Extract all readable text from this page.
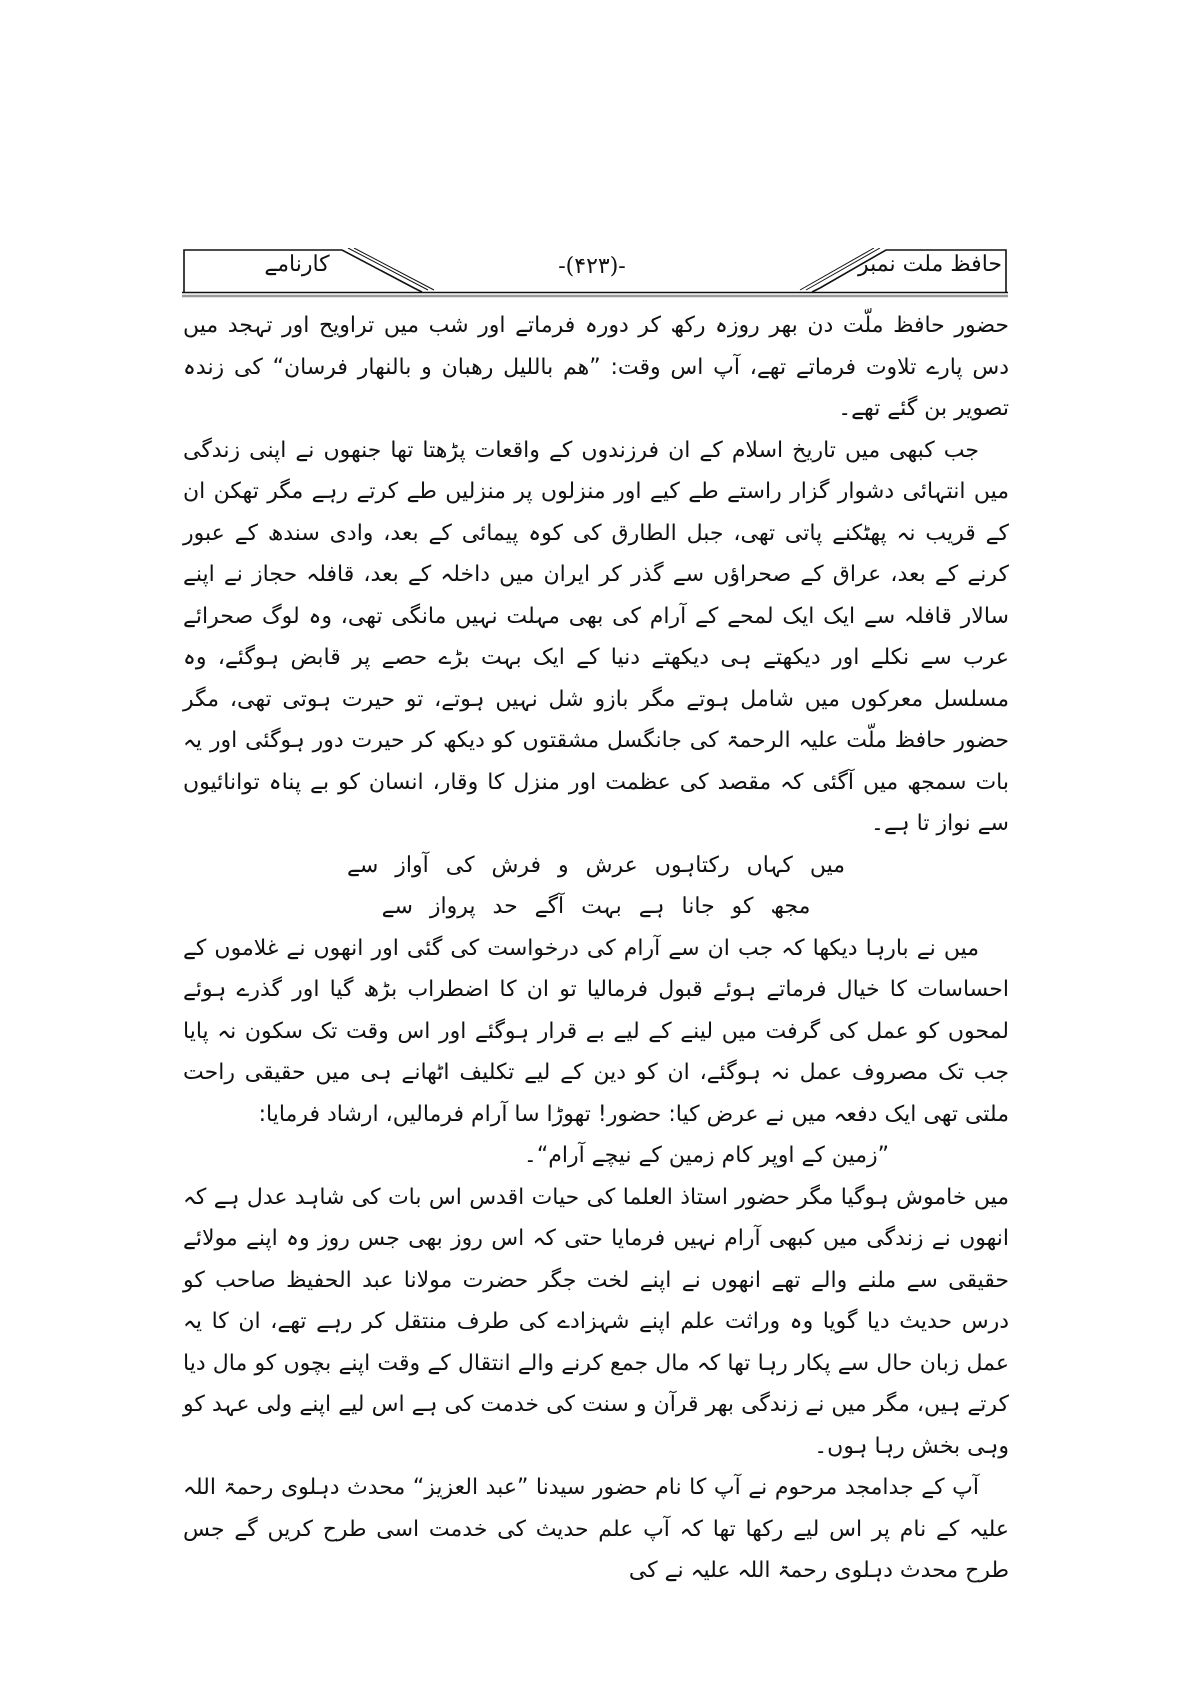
کارنامے	-(۴۲۳)-	حافظ ملت نمبر

حضور حافظ ملّت دن بھر روزہ رکھ کر دورہ فرماتے اور شب میں تراویح اور تہجد میں دس پارے تلاوت فرماتے تھے، آپ اس وقت: ”ھم باللیل رھبان و بالنھار فرسان“ کی زندہ تصویر بن گئے تھے۔

جب کبھی میں تاریخ اسلام کے ان فرزندوں کے واقعات پڑھتا تھا جنھوں نے اپنی زندگی میں انتہائی دشوار گزار راستے طے کیے اور منزلوں پر منزلیں طے کرتے رہے مگر تھکن ان کے قریب نہ پھٹکنے پاتی تھی، جبل الطارق کی کوہ پیمائی کے بعد، وادی سندھ کے عبور کرنے کے بعد، عراق کے صحراؤں سے گذر کر ایران میں داخلہ کے بعد، قافلہ حجاز نے اپنے سالار قافلہ سے ایک ایک لمحے کے آرام کی بھی مہلت نہیں مانگی تھی، وہ لوگ صحرائے عرب سے نکلے اور دیکھتے ہی دیکھتے دنیا کے ایک بہت بڑے حصے پر قابض ہوگئے، وہ مسلسل معرکوں میں شامل ہوتے مگر بازو شل نہیں ہوتے، تو حیرت ہوتی تھی، مگر حضور حافظ ملّت علیہ الرحمۃ کی جانگسل مشقتوں کو دیکھ کر حیرت دور ہوگئی اور یہ بات سمجھ میں آگئی کہ مقصد کی عظمت اور منزل کا وقار، انسان کو بے پناہ توانائیوں سے نواز تا ہے۔

میں کہاں رکتاہوں عرش و فرش کی آواز سے

مجھ کو جانا ہے بہت آگے حد پرواز سے

میں نے بارہا دیکھا کہ جب ان سے آرام کی درخواست کی گئی اور انھوں نے غلاموں کے احساسات کا خیال فرماتے ہوئے قبول فرمالیا تو ان کا اضطراب بڑھ گیا اور گذرے ہوئے لمحوں کو عمل کی گرفت میں لینے کے لیے بے قرار ہوگئے اور اس وقت تک سکون نہ پایا جب تک مصروف عمل نہ ہوگئے، ان کو دین کے لیے تکلیف اٹھانے ہی میں حقیقی راحت ملتی تھی ایک دفعہ میں نے عرض کیا: حضور! تھوڑا سا آرام فرمالیں، ارشاد فرمایا:

”زمین کے اوپر کام زمین کے نیچے آرام“۔

میں خاموش ہوگیا مگر حضور استاذ العلما کی حیات اقدس اس بات کی شاہد عدل ہے کہ انھوں نے زندگی میں کبھی آرام نہیں فرمایا حتی کہ اس روز بھی جس روز وہ اپنے مولائے حقیقی سے ملنے والے تھے انھوں نے اپنے لخت جگر حضرت مولانا عبد الحفیظ صاحب کو درس حدیث دیا گویا وہ وراثت علم اپنے شہزادے کی طرف منتقل کر رہے تھے، ان کا یہ عمل زبان حال سے پکار رہا تھا کہ مال جمع کرنے والے انتقال کے وقت اپنے بچوں کو مال دیا کرتے ہیں، مگر میں نے زندگی بھر قرآن و سنت کی خدمت کی ہے اس لیے اپنے ولی عہد کو وہی بخش رہا ہوں۔

آپ کے جدامجد مرحوم نے آپ کا نام حضور سیدنا ”عبد العزیز“ محدث دہلوی رحمۃ اللہ علیہ کے نام پر اس لیے رکھا تھا کہ آپ علم حدیث کی خدمت اسی طرح کریں گے جس طرح محدث دہلوی رحمۃ اللہ علیہ نے کی
